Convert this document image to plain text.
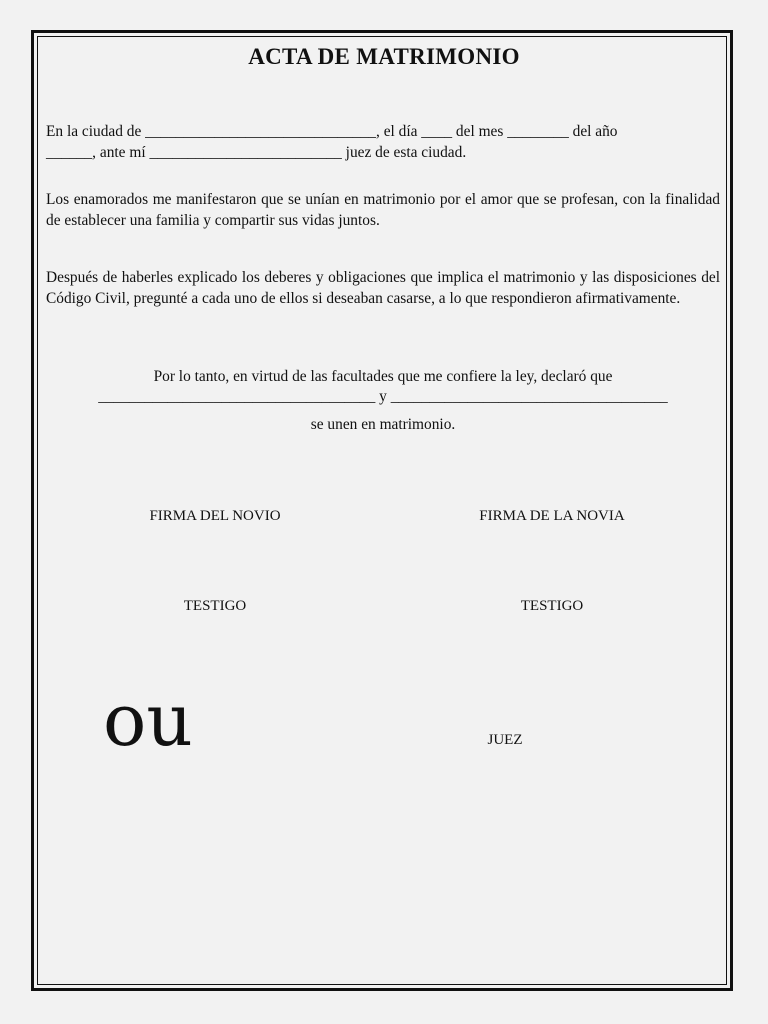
ACTA DE MATRIMONIO
En la ciudad de ______________________________, el día ____ del mes ________ del año
______, ante mí _________________________ juez de esta ciudad.
Los enamorados me manifestaron que se unían en matrimonio por el amor que se profesan, con la finalidad de establecer una familia y compartir sus vidas juntos.
Después de haberles explicado los deberes y obligaciones que implica el matrimonio y las disposiciones del Código Civil, pregunté a cada uno de ellos si deseaban casarse, a lo que respondieron afirmativamente.
Por lo tanto, en virtud de las facultades que me confiere la ley, declaró que
____________________________________ y ____________________________________
se unen en matrimonio.
FIRMA DEL NOVIO	FIRMA DE LA NOVIA
TESTIGO	TESTIGO
ou	JUEZ
